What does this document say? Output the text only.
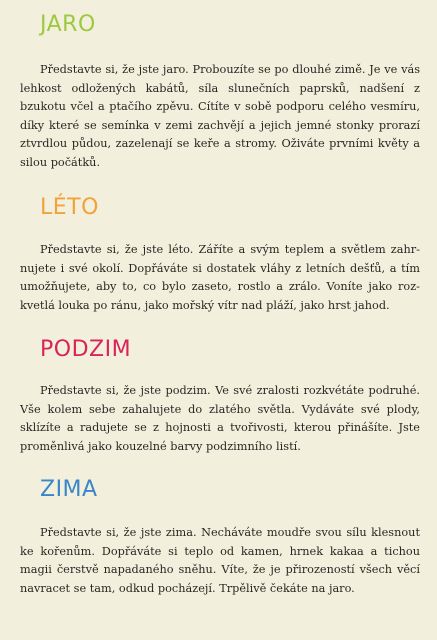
JARO

Představte si, že jste jaro. Probouzíte se po dlouhé zimě. Je ve vás lehkost odložených kabátů, síla slunečních paprsků, nadšení z bzukotu včel a ptačího zpěvu. Cítíte v sobě podporu celého vesmíru, díky které se semínka v zemi zachvějí a jejich jemné stonky prorazí ztvrdlou půdou, zazelenají se keře a stromy. Oživáte prvními květy a silou počátků.

LÉTO

Představte si, že jste léto. Záříte a svým teplem a světlem zahrnujete i své okolí. Dopřáváte si dostatek vláhy z letních dešťů, a tím umožňujete, aby to, co bylo zaseto, rostlo a zrálo. Voníte jako rozkvetlá louka po ránu, jako mořský vítr nad pláží, jako hrst jahod.

PODZIM

Představte si, že jste podzim. Ve své zralosti rozkvétáte podruhé. Vše kolem sebe zahalujete do zlatého světla. Vydáváte své plody, sklízíte a radujete se z hojnosti a tvořivosti, kterou přinášíte. Jste proměnlivá jako kouzelné barvy podzimního listí.

ZIMA

Představte si, že jste zima. Necháváte moudře svou sílu klesnout ke kořenům. Dopřáváte si teplo od kamen, hrnek kakaa a tichou magii čerstvě napadaného sněhu. Víte, že je přirozeností všech věcí navracet se tam, odkud pocházejí. Trpělivě čekáte na jaro.
